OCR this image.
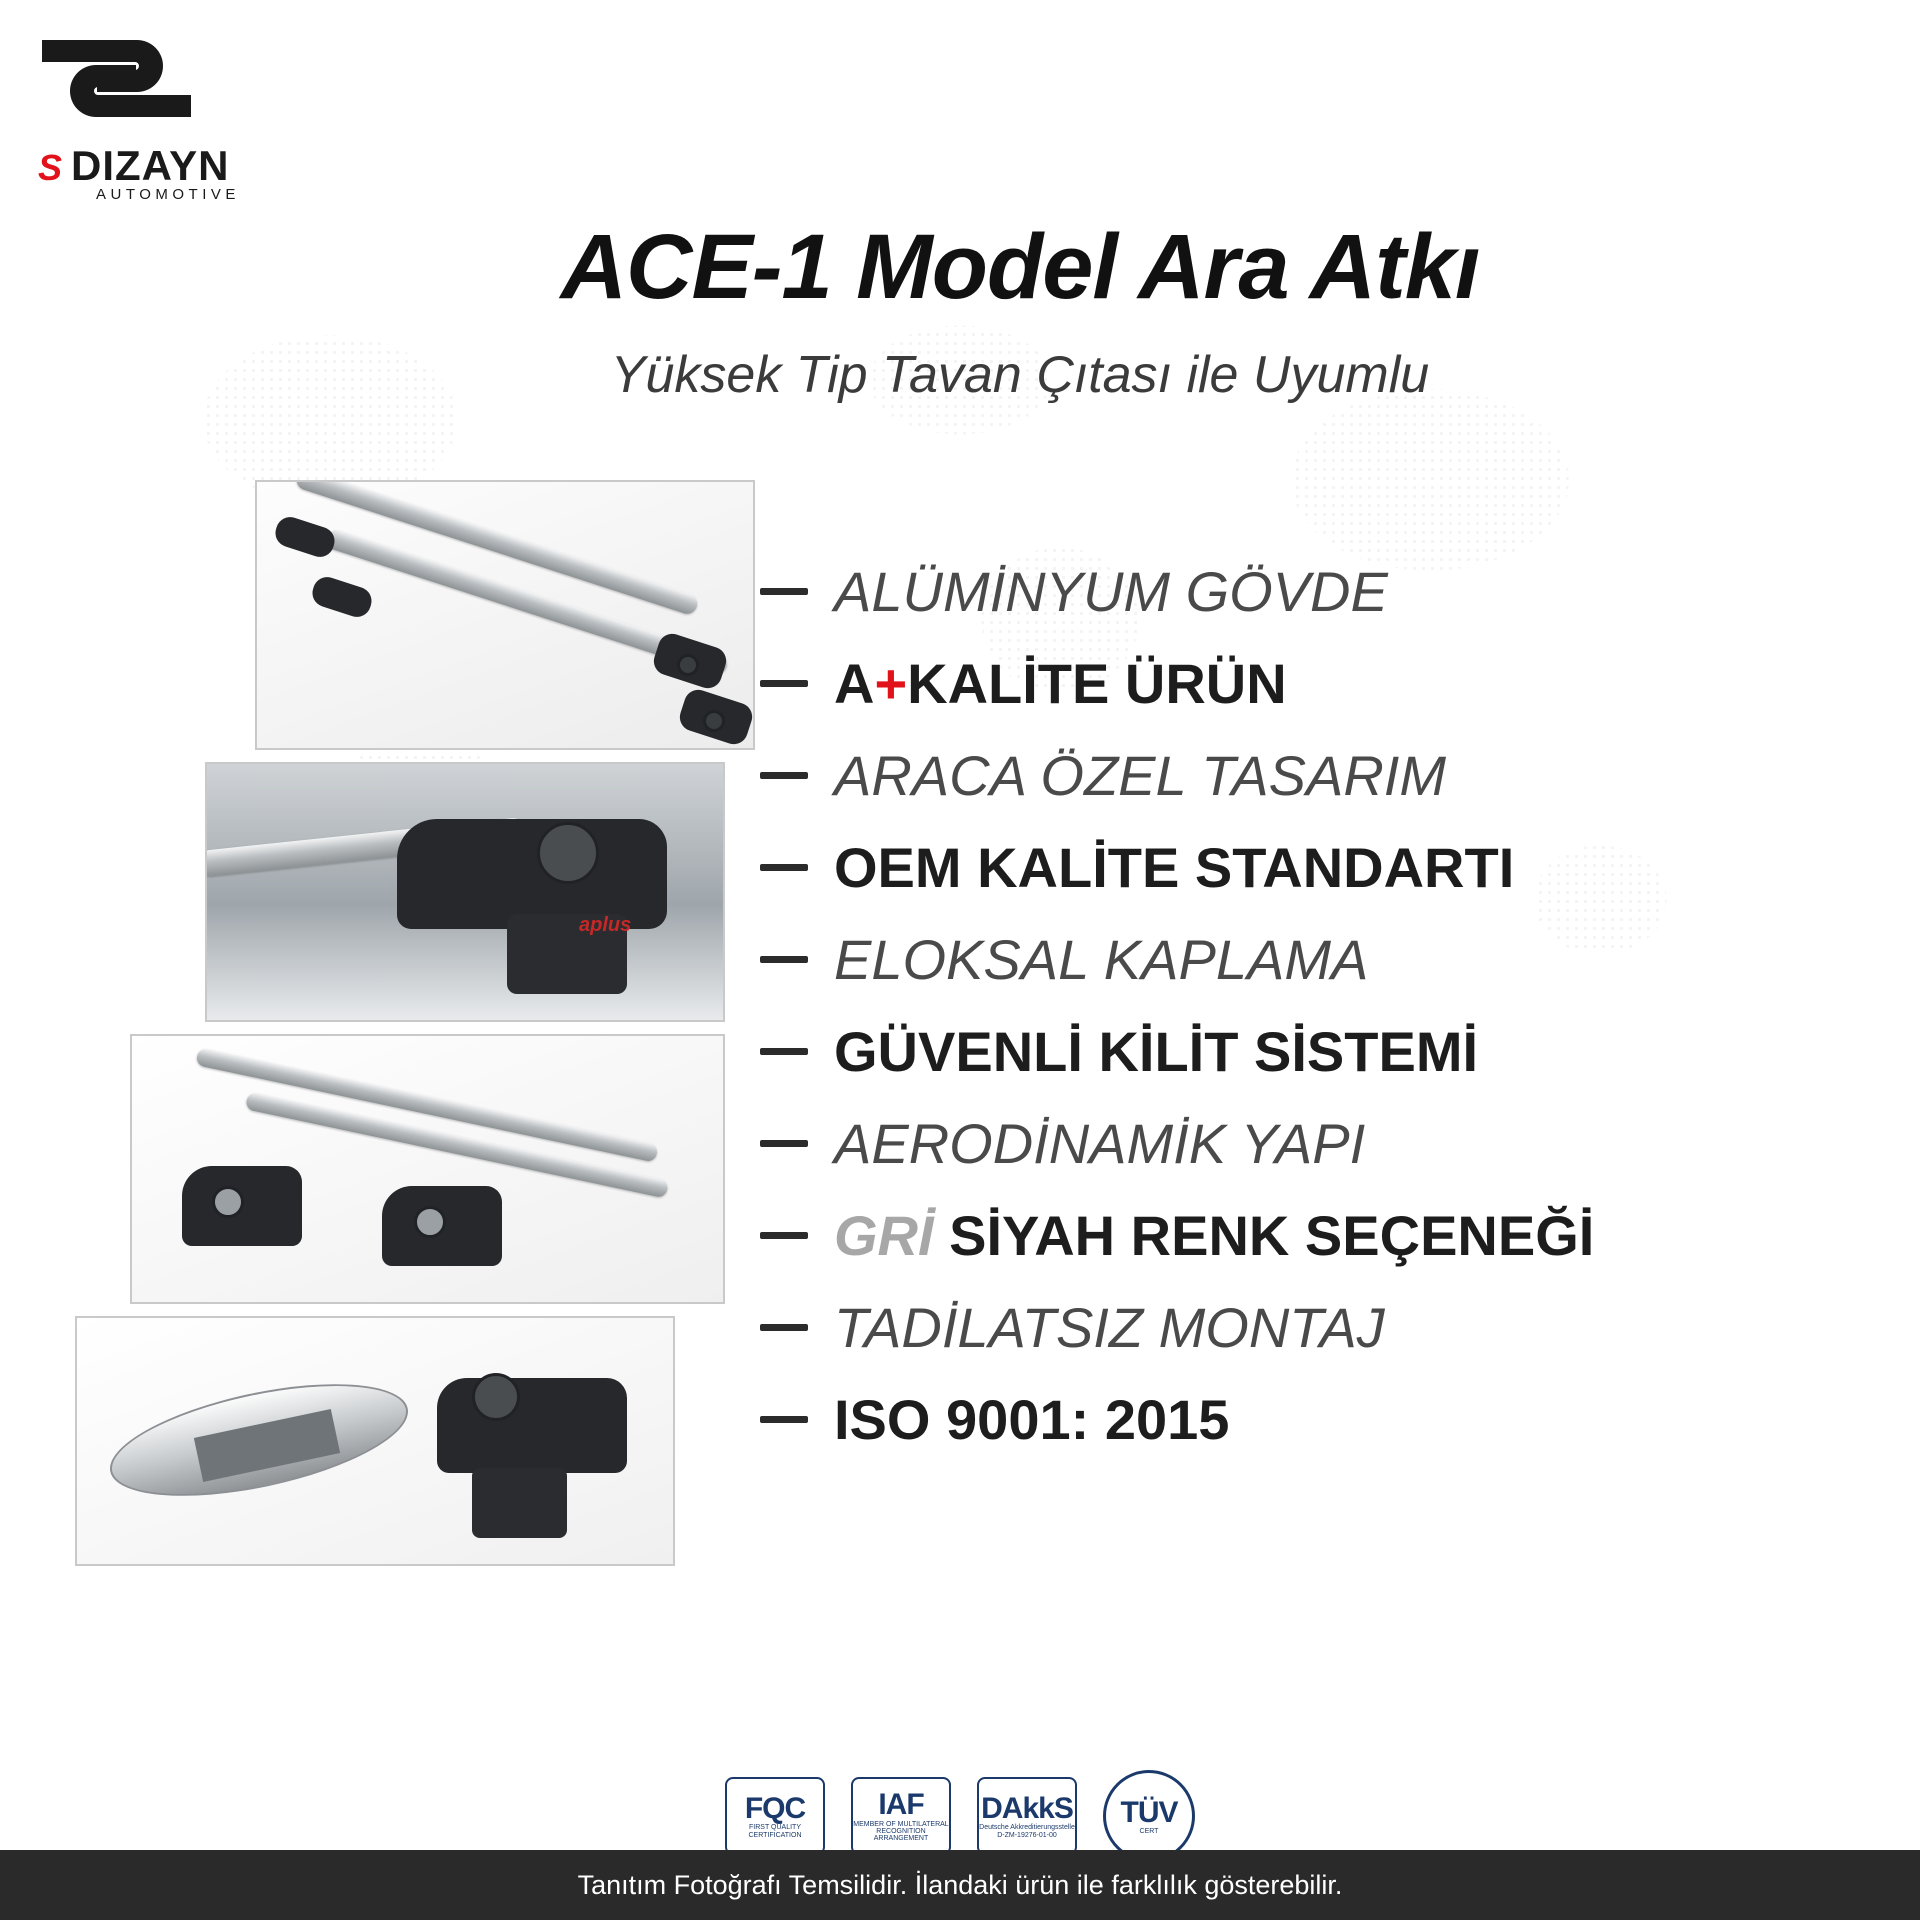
S DIZAYN
AUTOMOTIVE
ACE-1 Model Ara Atkı
Yüksek Tip Tavan Çıtası ile Uyumlu
aplus
ALÜMİNYUM GÖVDE
A+KALİTE ÜRÜN
ARACA ÖZEL TASARIM
OEM KALİTE STANDARTI
ELOKSAL KAPLAMA
GÜVENLİ KİLİT SİSTEMİ
AERODİNAMİK YAPI
GRİ SİYAH RENK SEÇENEĞİ
TADİLATSIZ MONTAJ
ISO 9001: 2015
FQC
FIRST QUALITY CERTIFICATION
IAF
MEMBER OF MULTILATERAL RECOGNITION ARRANGEMENT
DAkkS
Deutsche Akkreditierungsstelle D-ZM-19276-01-00
TÜV
CERT
Tanıtım Fotoğrafı Temsilidir. İlandaki ürün ile farklılık gösterebilir.
